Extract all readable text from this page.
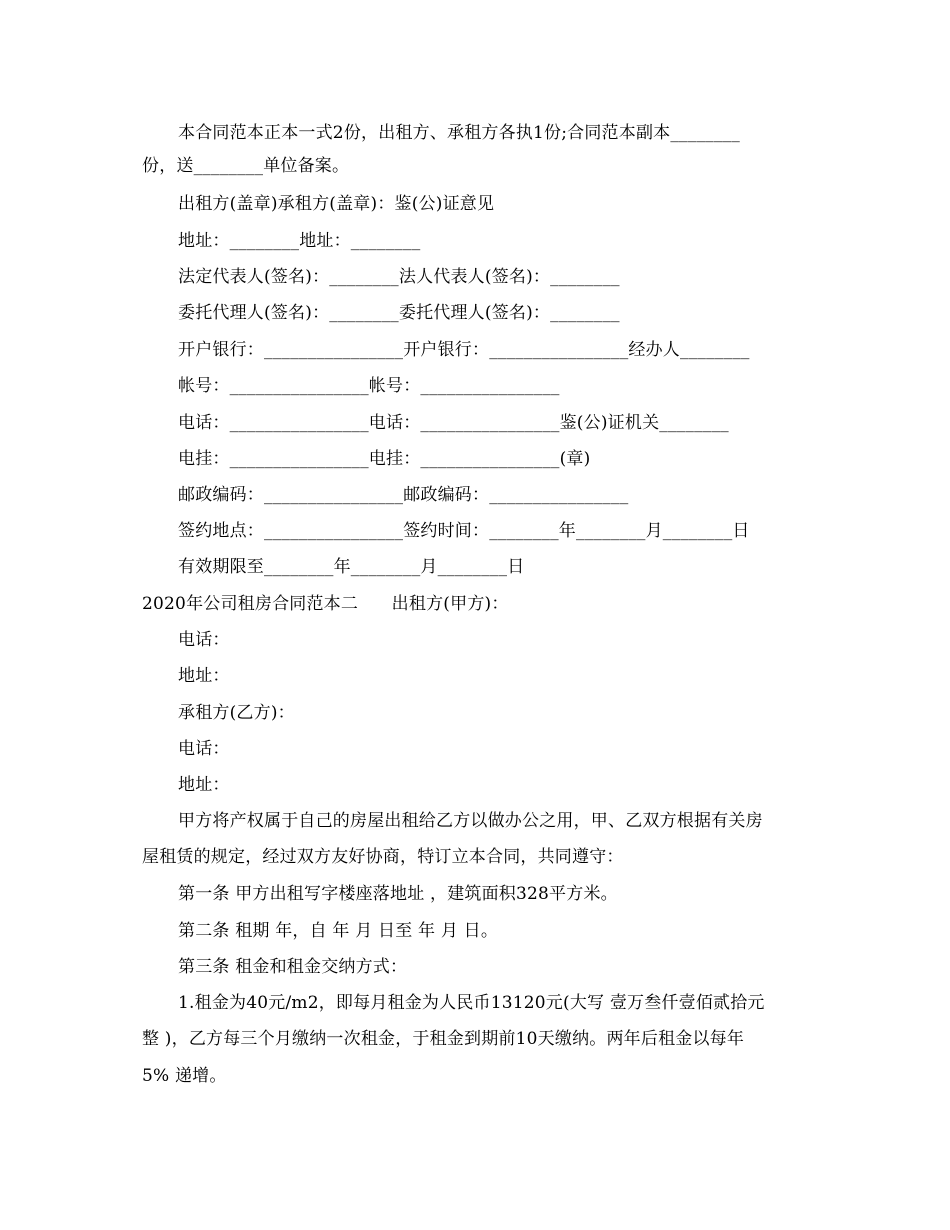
本合同范本正本一式2份，出租方、承租方各执1份;合同范本副本________
份，送________单位备案。
出租方(盖章)承租方(盖章)：鉴(公)证意见
地址：________地址：________
法定代表人(签名)：________法人代表人(签名)：________
委托代理人(签名)：________委托代理人(签名)：________
开户银行：________________开户银行：________________经办人________
帐号：________________帐号：________________
电话：________________电话：________________鉴(公)证机关________
电挂：________________电挂：________________(章)
邮政编码：________________邮政编码：________________
签约地点：________________签约时间：________年________月________日
有效期限至________年________月________日
2020年公司租房合同范本二      出租方(甲方)：
电话：
地址：
承租方(乙方)：
电话：
地址：
甲方将产权属于自己的房屋出租给乙方以做办公之用，甲、乙双方根据有关房
屋租赁的规定，经过双方友好协商，特订立本合同，共同遵守：
第一条 甲方出租写字楼座落地址 ，建筑面积328平方米。
第二条 租期 年，自 年 月 日至 年 月 日。
第三条 租金和租金交纳方式：
1.租金为40元/m2，即每月租金为人民币13120元(大写 壹万叁仟壹佰贰拾元
整 )，乙方每三个月缴纳一次租金，于租金到期前10天缴纳。两年后租金以每年
5% 递增。
